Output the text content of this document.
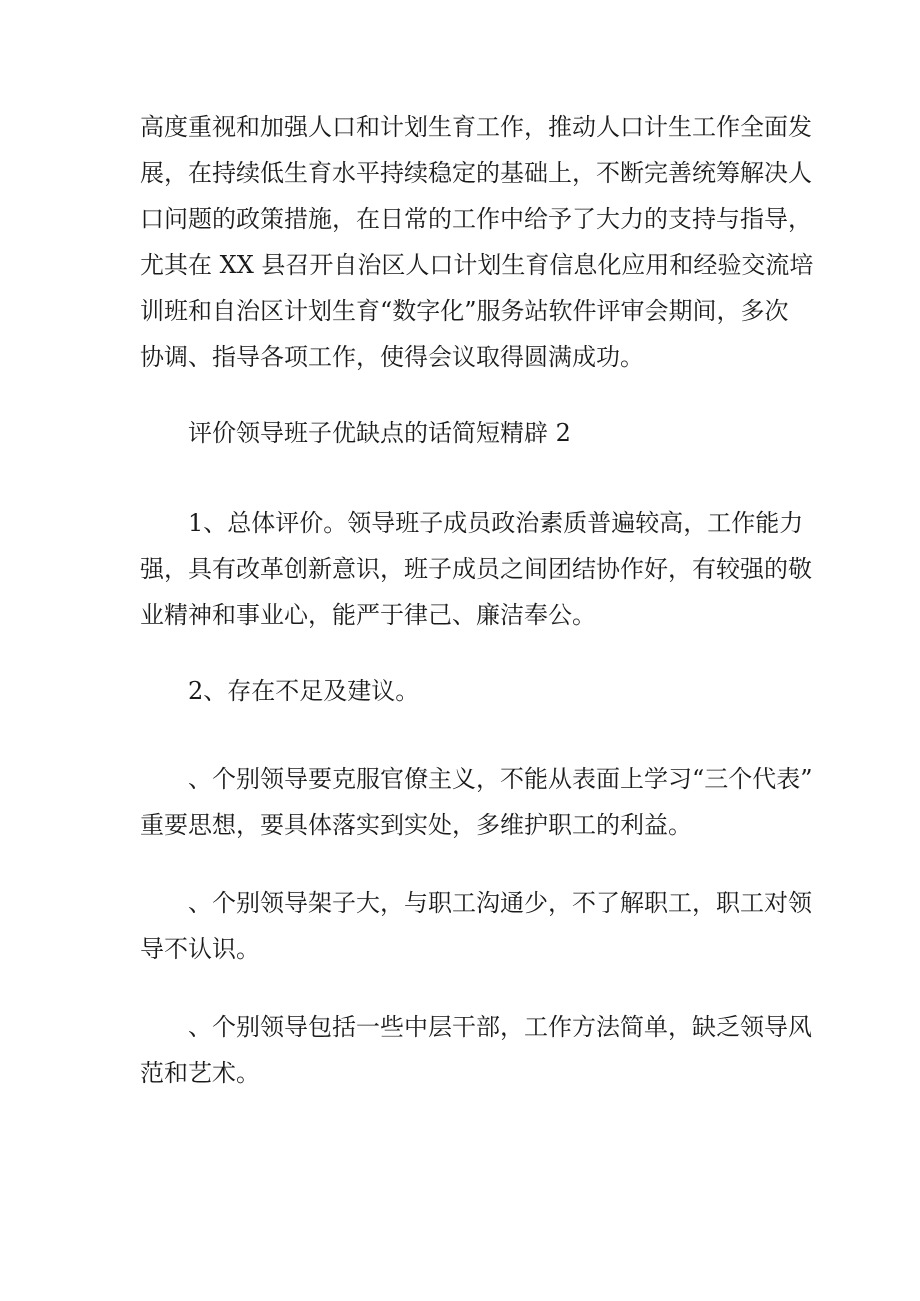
高度重视和加强人口和计划生育工作，推动人口计生工作全面发
展，在持续低生育水平持续稳定的基础上，不断完善统筹解决人
口问题的政策措施，在日常的工作中给予了大力的支持与指导，
尤其在 XX 县召开自治区人口计划生育信息化应用和经验交流培
训班和自治区计划生育“数字化”服务站软件评审会期间，多次
协调、指导各项工作，使得会议取得圆满成功。
评价领导班子优缺点的话简短精辟 2
1、总体评价。领导班子成员政治素质普遍较高，工作能力
强，具有改革创新意识，班子成员之间团结协作好，有较强的敬
业精神和事业心，能严于律己、廉洁奉公。
2、存在不足及建议。
、个别领导要克服官僚主义，不能从表面上学习“三个代表”
重要思想，要具体落实到实处，多维护职工的利益。
、个别领导架子大，与职工沟通少，不了解职工，职工对领
导不认识。
、个别领导包括一些中层干部，工作方法简单，缺乏领导风
范和艺术。
